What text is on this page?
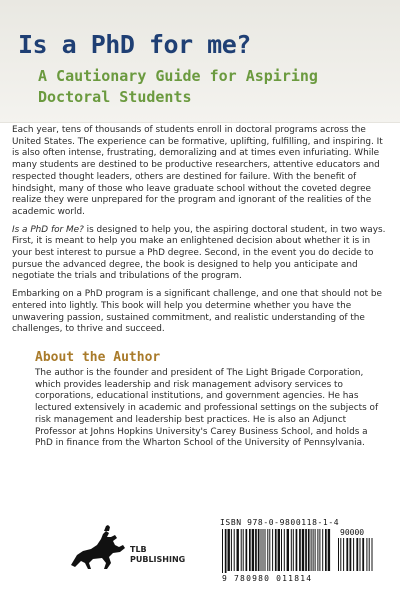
Is a PhD for me?
A Cautionary Guide for Aspiring Doctoral Students

Each year, tens of thousands of students enroll in doctoral programs across the United States. The experience can be formative, uplifting, fulfilling, and inspiring. It is also often intense, frustrating, demoralizing and at times even infuriating. While many students are destined to be productive researchers, attentive educators and respected thought leaders, others are destined for failure. With the benefit of hindsight, many of those who leave graduate school without the coveted degree realize they were unprepared for the program and ignorant of the realities of the academic world.

Is a PhD for Me? is designed to help you, the aspiring doctoral student, in two ways. First, it is meant to help you make an enlightened decision about whether it is in your best interest to pursue a PhD degree. Second, in the event you do decide to pursue the advanced degree, the book is designed to help you anticipate and negotiate the trials and tribulations of the program.

Embarking on a PhD program is a significant challenge, and one that should not be entered into lightly. This book will help you determine whether you have the unwavering passion, sustained commitment, and realistic understanding of the challenges, to thrive and succeed.

About the Author

The author is the founder and president of The Light Brigade Corporation, which provides leadership and risk management advisory services to corporations, educational institutions, and government agencies. He has lectured extensively in academic and professional settings on the subjects of risk management and leadership best practices. He is also an Adjunct Professor at Johns Hopkins University's Carey Business School, and holds a PhD in finance from the Wharton School of the University of Pennsylvania.

TLB PUBLISHING
ISBN 978-0-9800118-1-4
90000
9 780980 011814
